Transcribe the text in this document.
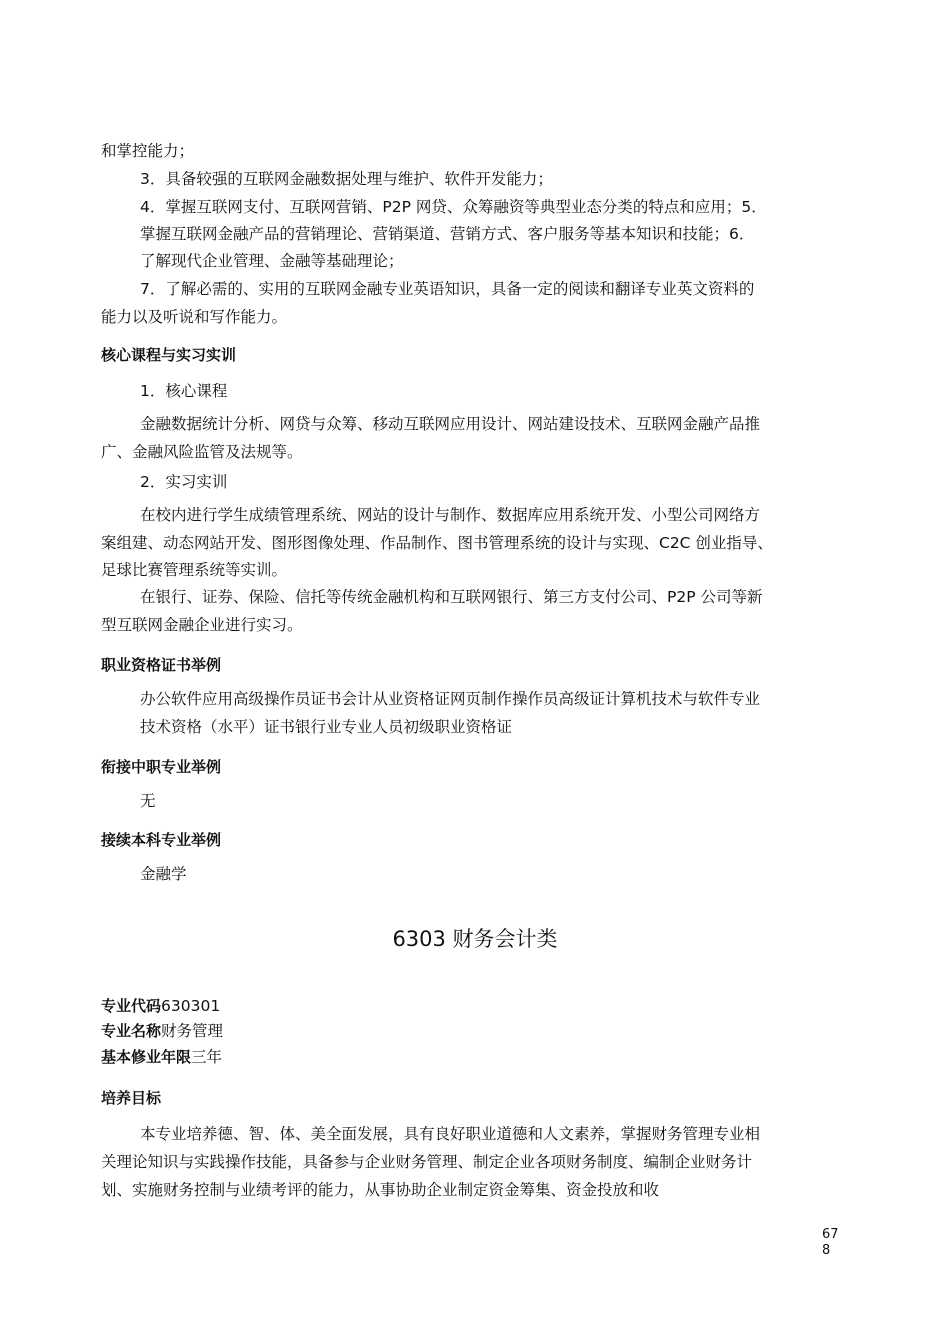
和掌控能力；
3．具备较强的互联网金融数据处理与维护、软件开发能力；
4．掌握互联网支付、互联网营销、P2P 网贷、众筹融资等典型业态分类的特点和应用；5．
掌握互联网金融产品的营销理论、营销渠道、营销方式、客户服务等基本知识和技能；6．
了解现代企业管理、金融等基础理论；
7．了解必需的、实用的互联网金融专业英语知识，具备一定的阅读和翻译专业英文资料的
能力以及听说和写作能力。
核心课程与实习实训
1．核心课程
金融数据统计分析、网贷与众筹、移动互联网应用设计、网站建设技术、互联网金融产品推
广、金融风险监管及法规等。
2．实习实训
在校内进行学生成绩管理系统、网站的设计与制作、数据库应用系统开发、小型公司网络方
案组建、动态网站开发、图形图像处理、作品制作、图书管理系统的设计与实现、C2C 创业指导、
足球比赛管理系统等实训。
在银行、证券、保险、信托等传统金融机构和互联网银行、第三方支付公司、P2P 公司等新
型互联网金融企业进行实习。
职业资格证书举例
办公软件应用高级操作员证书会计从业资格证网页制作操作员高级证计算机技术与软件专业
技术资格（水平）证书银行业专业人员初级职业资格证
衔接中职专业举例
无
接续本科专业举例
金融学
6303 财务会计类
专业代码630301
专业名称财务管理
基本修业年限三年
培养目标
本专业培养德、智、体、美全面发展，具有良好职业道德和人文素养，掌握财务管理专业相
关理论知识与实践操作技能，具备参与企业财务管理、制定企业各项财务制度、编制企业财务计
划、实施财务控制与业绩考评的能力，从事协助企业制定资金筹集、资金投放和收
67
8
